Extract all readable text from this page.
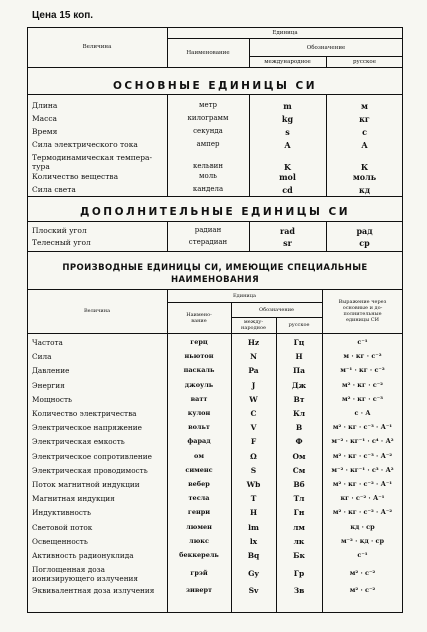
Цена 15 коп.
Величина
Единица
Наименование
Обозначение
международное	русское
ОСНОВНЫЕ ЕДИНИЦЫ СИ
Длина	метр	m	м
Масса	килограмм	kg	кг
Время	секунда	s	с
Сила электрического тока	ампер	A	А
Термодинамическая темпера-
тура	кельвин	K	К
Количество вещества	моль	mol	моль
Сила света	кандела	cd	кд
ДОПОЛНИТЕЛЬНЫЕ ЕДИНИЦЫ СИ
Плоский угол	радиан	rad	рад
Телесный угол	стерадиан	sr	ср
ПРОИЗВОДНЫЕ ЕДИНИЦЫ СИ, ИМЕЮЩИЕ СПЕЦИАЛЬНЫЕ
НАИМЕНОВАНИЯ
Величина
Единица
Наимено-
вание
Обозначение
между-
народное	русское
Выражение через
основные и до-
полнительные
единицы СИ
Частота	герц	Hz	Гц	с⁻¹
Сила	ньютон	N	Н	м · кг · с⁻²
Давление	паскаль	Pa	Па	м⁻¹ · кг · с⁻²
Энергия	джоуль	J	Дж	м² · кг · с⁻²
Мощность	ватт	W	Вт	м² · кг · с⁻³
Количество электричества	кулон	C	Кл	с · А
Электрическое напряжение	вольт	V	В	м² · кг · с⁻³ · А⁻¹
Электрическая емкость	фарад	F	Ф	м⁻² · кг⁻¹ · с⁴ · А²
Электрическое сопротивление	ом	Ω	Ом	м² · кг · с⁻³ · А⁻²
Электрическая проводимость	сименс	S	См	м⁻² · кг⁻¹ · с³ · А²
Поток магнитной индукции	вебер	Wb	Вб	м² · кг · с⁻² · А⁻¹
Магнитная индукция	тесла	T	Тл	кг · с⁻² · А⁻¹
Индуктивность	генри	H	Гн	м² · кг · с⁻² · А⁻²
Световой поток	люмен	lm	лм	кд · ср
Освещенность	люкс	lx	лк	м⁻² · кд · ср
Активность радионуклида	беккерель	Bq	Бк	с⁻¹
Поглощенная доза
ионизирующего излучения
грэй	Gy	Гр	м² · с⁻²
Эквивалентная доза излучения	зиверт	Sv	Зв	м² · с⁻²
